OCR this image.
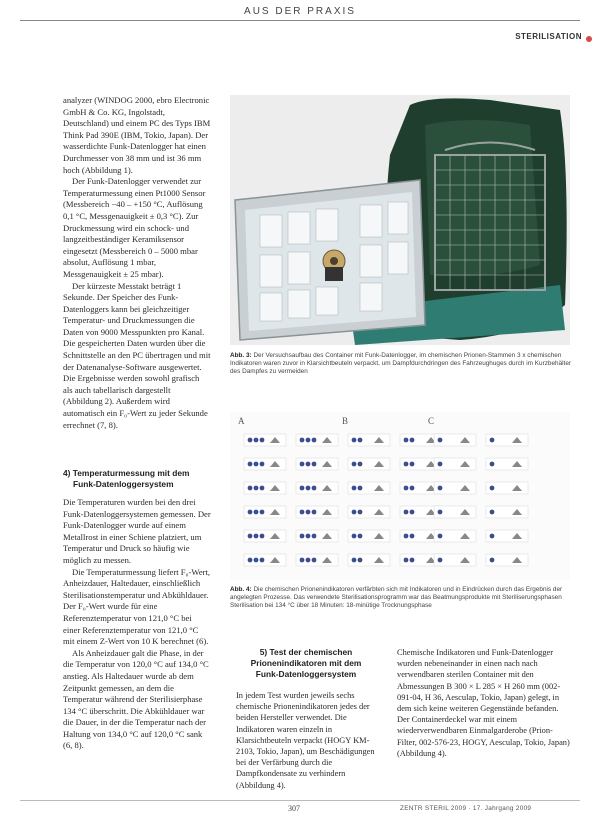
AUS DER PRAXIS
STERILISATION

analyzer (WINDOG 2000, ebro Electronic GmbH & Co. KG, Ingolstadt, Deutschland) und einem PC des Typs IBM Think Pad 390E (IBM, Tokio, Japan). Der wasserdichte Funk-Datenlogger hat einen Durchmesser von 38 mm und ist 36 mm hoch (Abbildung 1).

Der Funk-Datenlogger verwendet zur Temperaturmessung einen Pt1000 Sensor (Messbereich −40 – +150 °C, Auflösung 0,1 °C, Messgenauigkeit ± 0,3 °C). Zur Druckmessung wird ein schock- und langzeitbeständiger Keramiksensor eingesetzt (Messbereich 0 – 5000 mbar absolut, Auflösung 1 mbar, Messgenauigkeit ± 25 mbar).

Der kürzeste Messtakt beträgt 1 Sekunde. Der Speicher des Funk-Datenloggers kann bei gleichzeitiger Temperatur- und Druckmessungen die Daten von 9000 Messpunkten pro Kanal. Die gespeicherten Daten wurden über die Schnittstelle an den PC übertragen und mit der Datenanalyse-Software ausgewertet. Die Ergebnisse werden sowohl grafisch als auch tabellarisch dargestellt (Abbildung 2). Außerdem wird automatisch ein F₀-Wert zu jeder Sekunde errechnet (7, 8).

4) Temperaturmessung mit dem
Funk-Datenloggersystem

Die Temperaturen wurden bei den drei Funk-Datenloggersystemen gemessen. Der Funk-Datenlogger wurde auf einem Metallrost in einer Schiene platziert, um Temperatur und Druck so häufig wie möglich zu messen.

Die Temperaturmessung liefert F₀-Wert, Anheizdauer, Haltedauer, einschließlich Sterilisationstemperatur und Abkühldauer. Der F₀-Wert wurde für eine Referenztemperatur von 121,0 °C bei einer Referenztemperatur von 121,0 °C mit einem Z-Wert von 10 K berechnet (6).

Als Anheizdauer galt die Phase, in der die Temperatur von 120,0 °C auf 134,0 °C anstieg. Als Haltedauer wurde ab dem Zeitpunkt gemessen, an dem die Temperatur während der Sterilisierphase 134 °C überschritt. Die Abkühldauer war die Dauer, in der die Temperatur nach der Haltung von 134,0 °C auf 120,0 °C sank (6, 8).

Abb. 3: Der Versuchsaufbau des Container mit Funk-Datenlogger, im chemischen Prionen-Stammen 3 x chemischen Indikatoren waren zuvor in Klarsichtbeuteln verpackt, um Dampfdurchdringen des Fahrzeughuges durch im Kurzbehälter des Dampfes zu vermeiden
A	B	C
Abb. 4: Die chemischen Prionenindikatoren verfärbten sich mit Indikatoren und in Eindrücken durch das Ergebnis der angelegten Prozesse. Das verwendete Sterilisationsprogramm war das Beatmungsprodukte mit Steriliserungsphasen Sterilisation bei 134 °C über 18 Minuten: 18-minütige Trocknungsphase
5) Test der chemischen
Prionenindikatoren mit dem
Funk-Datenloggersystem

In jedem Test wurden jeweils sechs chemische Prionenindikatoren jedes der beiden Hersteller verwendet. Die Indikatoren waren einzeln in Klarsichtbeuteln verpackt (HOGY KM-2103, Tokio, Japan), um Beschädigungen bei der Verfärbung durch die Dampfkondensate zu verhindern (Abbildung 4).

Chemische Indikatoren und Funk-Datenlogger wurden nebeneinander in einen nach nach verwendbaren sterilen Container mit den Abmessungen B 300 × L 285 × H 260 mm (002-091-04, H 36, Aesculap, Tokio, Japan) gelegt, in dem sich keine weiteren Gegenstände befanden. Der Containerdeckel war mit einem wiederverwendbaren Einmalgarderobe (Prion-Filter, 002-576-23, HOGY, Aesculap, Tokio, Japan) (Abbildung 4).

307	ZENTR STERIL 2009 · 17. Jahrgang 2009
